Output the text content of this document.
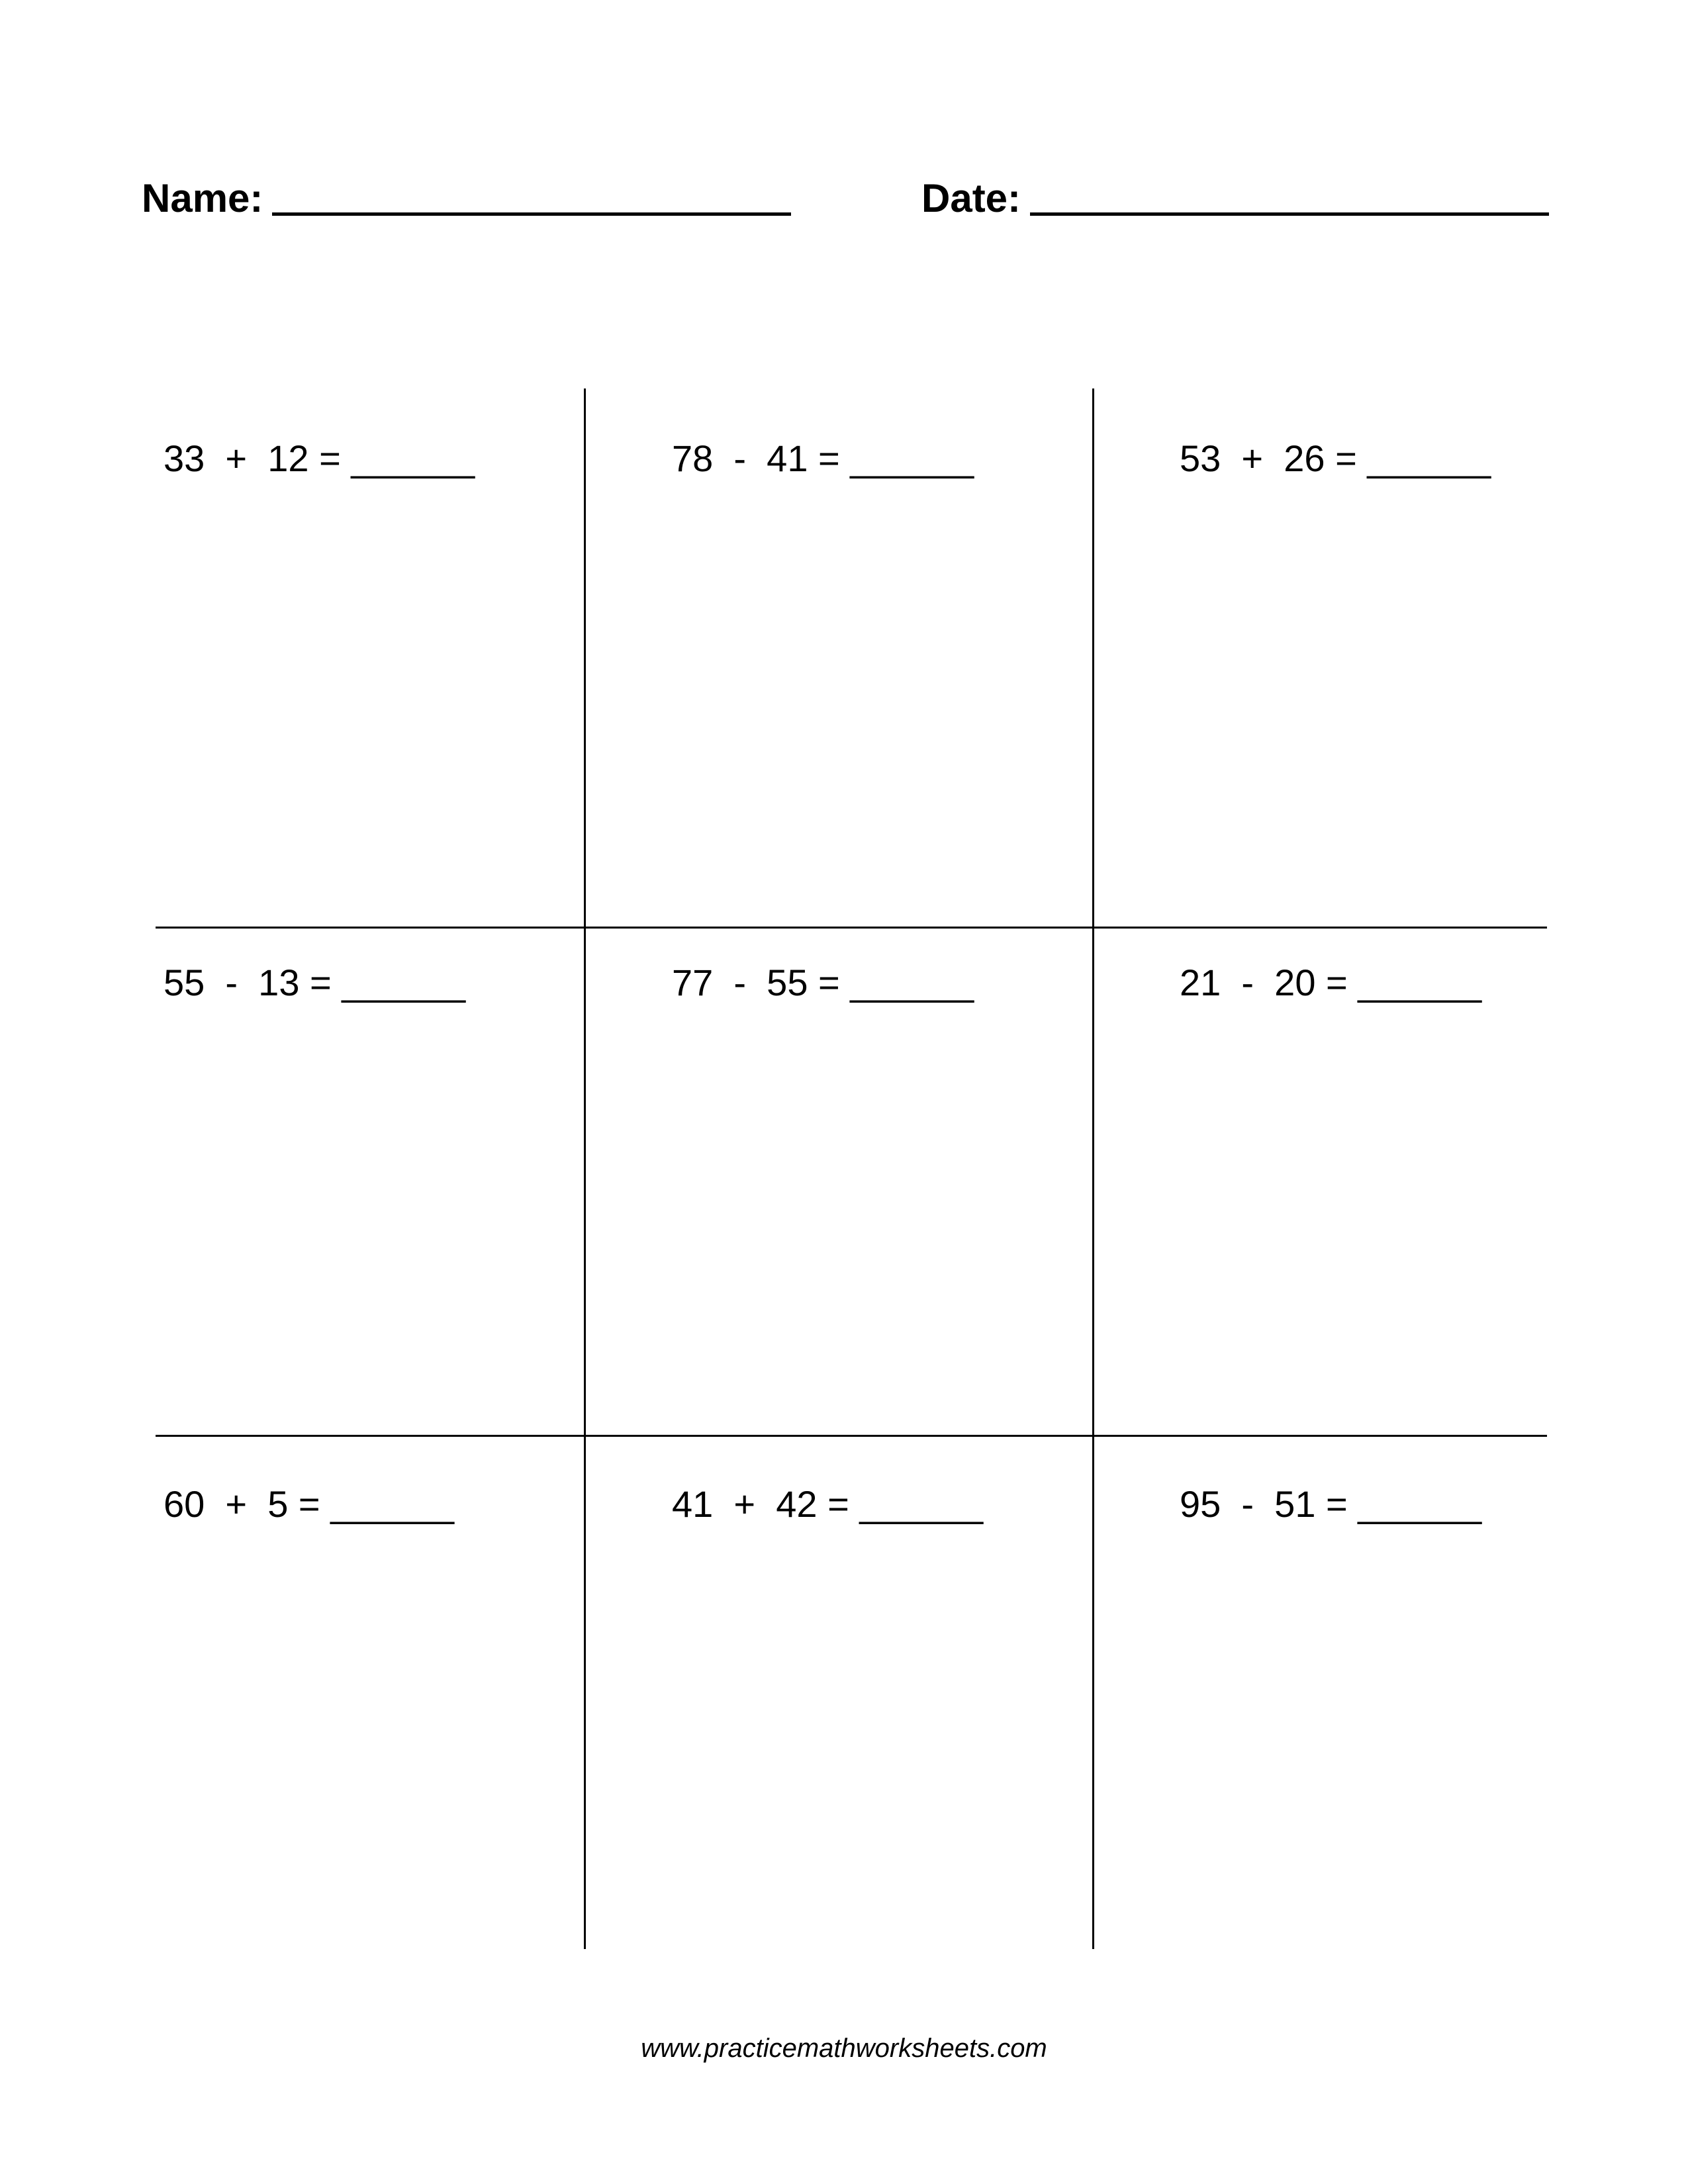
Name:	Date:
33  +  12 = ______	78  -  41 = ______	53  +  26 = ______
55  -  13 = ______	77  -  55 = ______	21  -  20 = ______
60  +  5 = ______	41  +  42 = ______	95  -  51 = ______
www.practicemathworksheets.com
